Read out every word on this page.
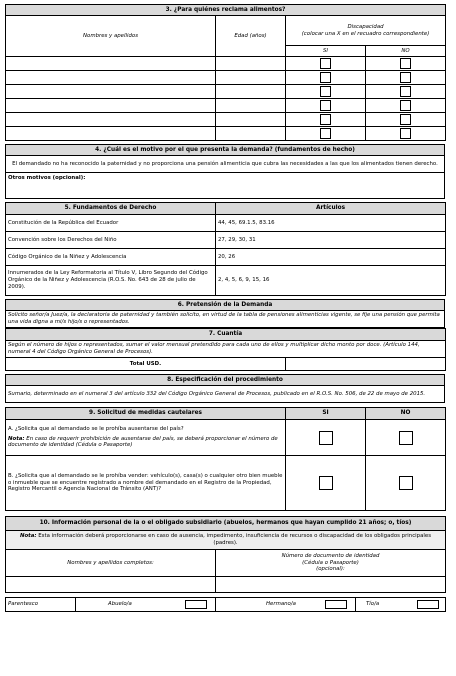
3. ¿Para quiénes reclama alimentos?			
Nombres y apellidos	Edad (años)	Discapacidad
(colocar una X en el recuadro correspondiente)	

		SI	NO

4. ¿Cuál es el motivo por el que presenta la demanda? (fundamentos de hecho)
El demandado no ha reconocido la paternidad y no proporciona una pensión alimenticia que cubra las necesidades a las que los alimentados tienen derecho.
Otros motivos (opcional):
5. Fundamentos de Derecho	Artículos
Constitución de la República del Ecuador	44, 45, 69.1.5, 83.16
Convención sobre los Derechos del Niño	27, 29, 30, 31
Código Orgánico de la Niñez y Adolescencia	20, 26
Innumerados de la Ley Reformatoria al Título V, Libro Segundo del Código Orgánico de la Niñez y Adolescencia (R.O.S. No. 643 de 28 de julio de 2009).	2, 4, 5, 6, 9, 15, 16
6. Pretensión de la Demanda
Solicito señor/a Juez/a, la declaratoria de paternidad y también solicito, en virtud de la tabla de pensiones alimenticias vigente, se fije una pensión que permita una vida digna a mi/s hijo/s o representados.
7. Cuantía
Según el número de hijos o representados, sumar el valor mensual pretendido para cada uno de ellos y multiplicar dicho monto por doce. (Artículo 144, numeral 4 del Código Orgánico General de Procesos).
Total USD.	
8. Especificación del procedimiento
Sumario, determinado en el numeral 3 del artículo 332 del Código Orgánico General de Procesos, publicado en el R.O.S. No. 506, de 22 de mayo de 2015.
9. Solicitud de medidas cautelares	SI	NO

A. ¿Solicita que al demandado se le prohíba ausentarse del país?
Nota: En caso de requerir prohibición de ausentarse del país, se deberá proporcionar el número de documento de identidad (Cédula o Pasaporte)		

B. ¿Solicita que al demandado se le prohíba vender: vehículo(s), casa(s) o cualquier otro bien mueble o inmueble que se encuentre registrado a nombre del demandado en el Registro de la Propiedad, Registro Mercantil o Agencia Nacional de Tránsito (ANT)?		
10. Información personal de la o el obligado subsidiario (abuelos, hermanos que hayan cumplido 21 años; o, tíos)	
Nota: Esta información deberá proporcionarse en caso de ausencia, impedimento, insuficiencia de recursos o discapacidad de los obligados principales (padres).	
Nombres y apellidos completos:	Número de documento de identidad
(Cédula o Pasaporte)
(opcional):

Parentesco	Abuelo/a	Hermano/a	Tío/a
